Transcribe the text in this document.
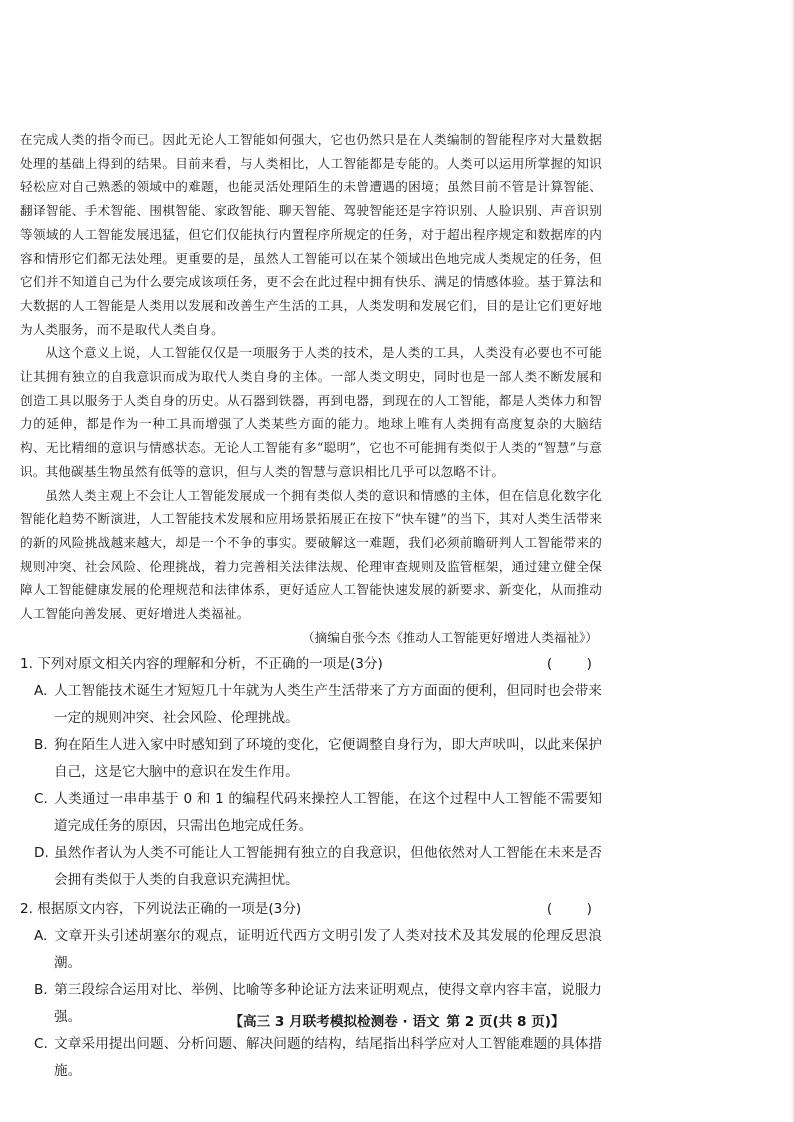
在完成人类的指令而已。因此无论人工智能如何强大，它也仍然只是在人类编制的智能程序对大量数据处理的基础上得到的结果。目前来看，与人类相比，人工智能都是专能的。人类可以运用所掌握的知识轻松应对自己熟悉的领域中的难题，也能灵活处理陌生的未曾遭遇的困境；虽然目前不管是计算智能、翻译智能、手术智能、围棋智能、家政智能、聊天智能、驾驶智能还是字符识别、人脸识别、声音识别等领域的人工智能发展迅猛，但它们仅能执行内置程序所规定的任务，对于超出程序规定和数据库的内容和情形它们都无法处理。更重要的是，虽然人工智能可以在某个领域出色地完成人类规定的任务，但它们并不知道自己为什么要完成该项任务，更不会在此过程中拥有快乐、满足的情感体验。基于算法和大数据的人工智能是人类用以发展和改善生产生活的工具，人类发明和发展它们，目的是让它们更好地为人类服务，而不是取代人类自身。

从这个意义上说，人工智能仅仅是一项服务于人类的技术，是人类的工具，人类没有必要也不可能让其拥有独立的自我意识而成为取代人类自身的主体。一部人类文明史，同时也是一部人类不断发展和创造工具以服务于人类自身的历史。从石器到铁器，再到电器，到现在的人工智能，都是人类体力和智力的延伸，都是作为一种工具而增强了人类某些方面的能力。地球上唯有人类拥有高度复杂的大脑结构、无比精细的意识与情感状态。无论人工智能有多“聪明”，它也不可能拥有类似于人类的“智慧”与意识。其他碳基生物虽然有低等的意识，但与人类的智慧与意识相比几乎可以忽略不计。

虽然人类主观上不会让人工智能发展成一个拥有类似人类的意识和情感的主体，但在信息化数字化智能化趋势不断演进，人工智能技术发展和应用场景拓展正在按下“快车键”的当下，其对人类生活带来的新的风险挑战越来越大，却是一个不争的事实。要破解这一难题，我们必须前瞻研判人工智能带来的规则冲突、社会风险、伦理挑战，着力完善相关法律法规、伦理审查规则及监管框架，通过建立健全保障人工智能健康发展的伦理规范和法律体系，更好适应人工智能快速发展的新要求、新变化，从而推动人工智能向善发展、更好增进人类福祉。

（摘编自张今杰《推动人工智能更好增进人类福祉》）

1. 下列对原文相关内容的理解和分析，不正确的一项是(3分)	(        )

A. 人工智能技术诞生才短短几十年就为人类生产生活带来了方方面面的便利，但同时也会带来一定的规则冲突、社会风险、伦理挑战。

B. 狗在陌生人进入家中时感知到了环境的变化，它便调整自身行为，即大声吠叫，以此来保护自己，这是它大脑中的意识在发生作用。

C. 人类通过一串串基于 0 和 1 的编程代码来操控人工智能，在这个过程中人工智能不需要知道完成任务的原因，只需出色地完成任务。

D. 虽然作者认为人类不可能让人工智能拥有独立的自我意识，但他依然对人工智能在未来是否会拥有类似于人类的自我意识充满担忧。

2. 根据原文内容，下列说法正确的一项是(3分)	(        )

A. 文章开头引述胡塞尔的观点，证明近代西方文明引发了人类对技术及其发展的伦理反思浪潮。

B. 第三段综合运用对比、举例、比喻等多种论证方法来证明观点，使得文章内容丰富，说服力强。

C. 文章采用提出问题、分析问题、解决问题的结构，结尾指出科学应对人工智能难题的具体措施。

【高三 3 月联考模拟检测卷 · 语文 第 2 页(共 8 页)】
